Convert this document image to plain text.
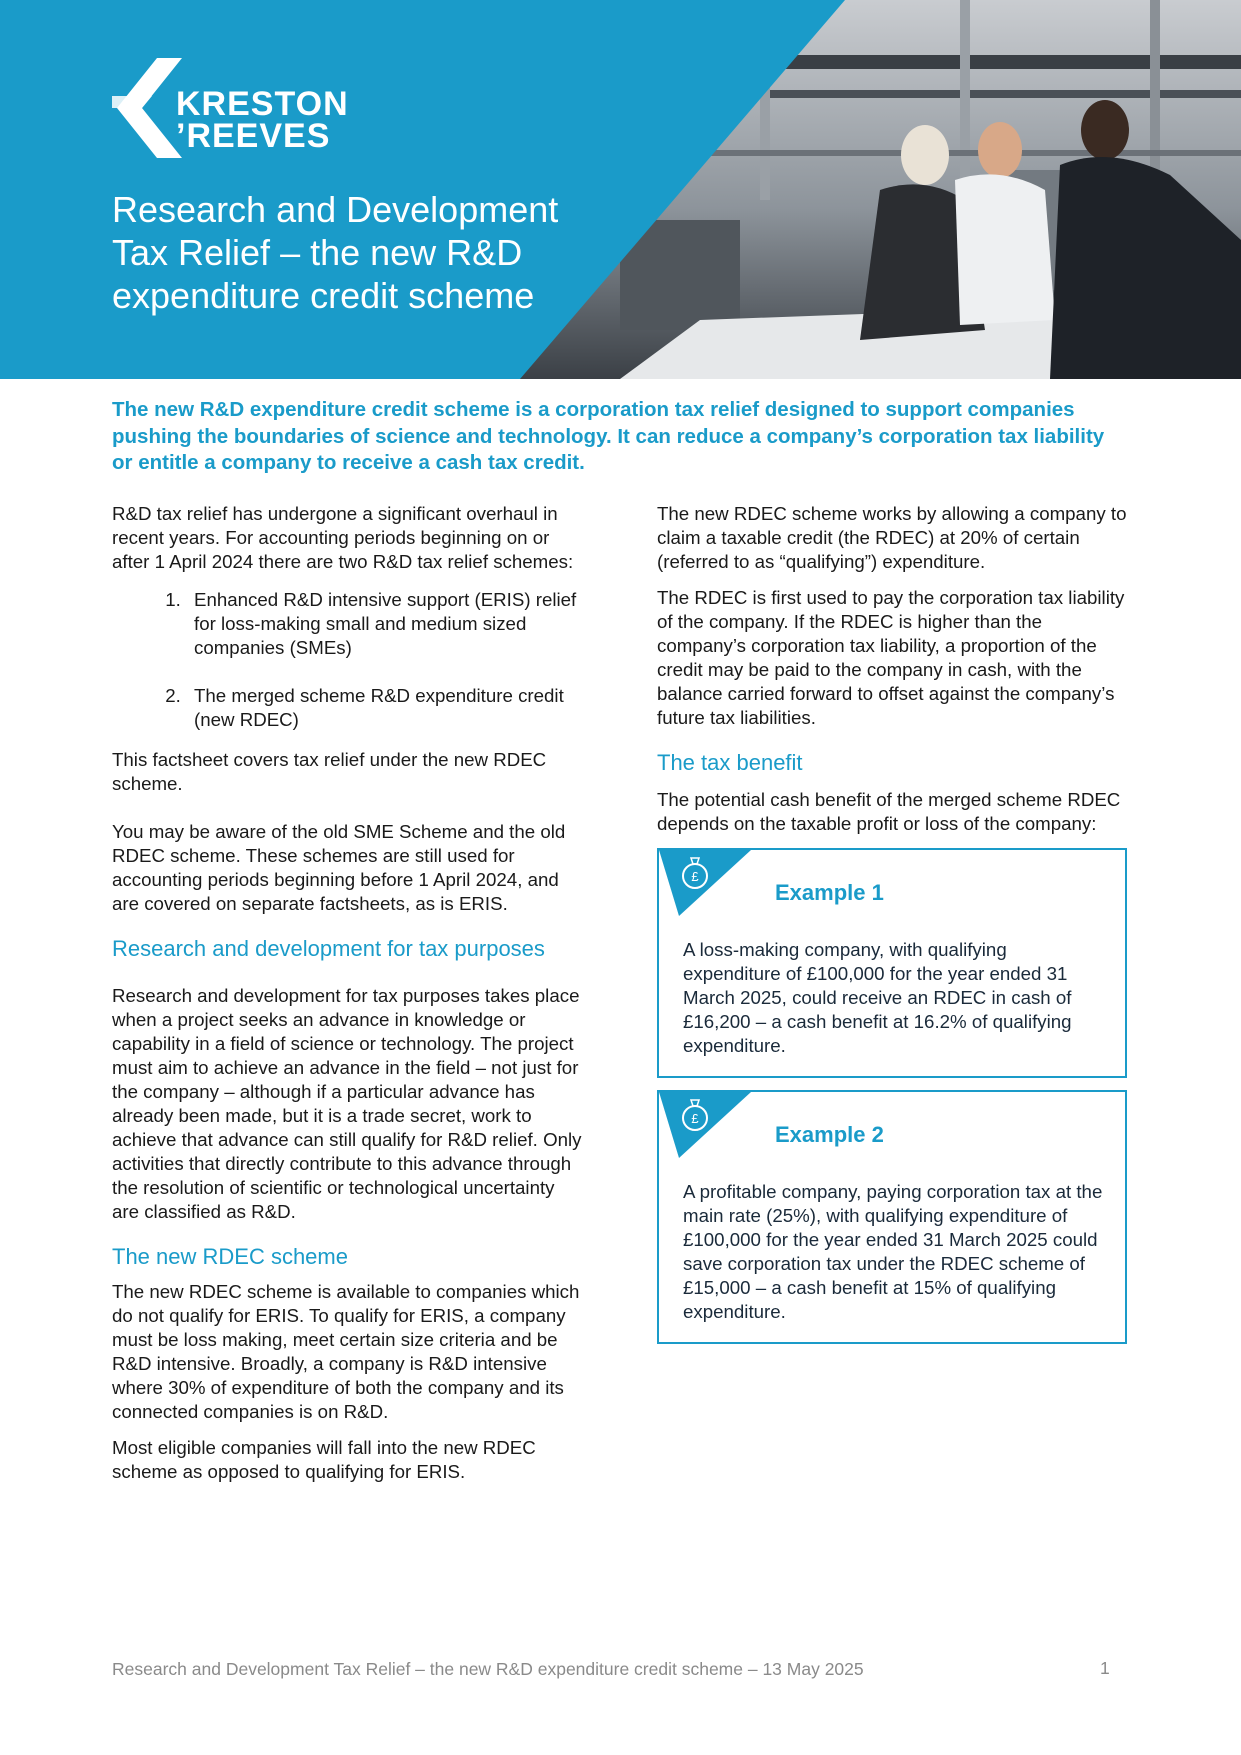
KRESTON
’REEVES
Research and Development Tax Relief – the new R&D expenditure credit scheme

The new R&D expenditure credit scheme is a corporation tax relief designed to support companies pushing the boundaries of science and technology. It can reduce a company’s corporation tax liability or entitle a company to receive a cash tax credit.

R&D tax relief has undergone a significant overhaul in recent years. For accounting periods beginning on or after 1 April 2024 there are two R&D tax relief schemes:

1. Enhanced R&D intensive support (ERIS) relief for loss-making small and medium sized companies (SMEs)
2. The merged scheme R&D expenditure credit (new RDEC)

This factsheet covers tax relief under the new RDEC scheme.

You may be aware of the old SME Scheme and the old RDEC scheme. These schemes are still used for accounting periods beginning before 1 April 2024, and are covered on separate factsheets, as is ERIS.

Research and development for tax purposes

Research and development for tax purposes takes place when a project seeks an advance in knowledge or capability in a field of science or technology. The project must aim to achieve an advance in the field – not just for the company – although if a particular advance has already been made, but it is a trade secret, work to achieve that advance can still qualify for R&D relief. Only activities that directly contribute to this advance through the resolution of scientific or technological uncertainty are classified as R&D.

The new RDEC scheme

The new RDEC scheme is available to companies which do not qualify for ERIS. To qualify for ERIS, a company must be loss making, meet certain size criteria and be R&D intensive. Broadly, a company is R&D intensive where 30% of expenditure of both the company and its connected companies is on R&D.

Most eligible companies will fall into the new RDEC scheme as opposed to qualifying for ERIS.

The new RDEC scheme works by allowing a company to claim a taxable credit (the RDEC) at 20% of certain (referred to as “qualifying”) expenditure.

The RDEC is first used to pay the corporation tax liability of the company. If the RDEC is higher than the company’s corporation tax liability, a proportion of the credit may be paid to the company in cash, with the balance carried forward to offset against the company’s future tax liabilities.

The tax benefit

The potential cash benefit of the merged scheme RDEC depends on the taxable profit or loss of the company:

£
Example 1

A loss-making company, with qualifying expenditure of £100,000 for the year ended 31 March 2025, could receive an RDEC in cash of £16,200 – a cash benefit at 16.2% of qualifying expenditure.

£
Example 2

A profitable company, paying corporation tax at the main rate (25%), with qualifying expenditure of £100,000 for the year ended 31 March 2025 could save corporation tax under the RDEC scheme of £15,000 – a cash benefit at 15% of qualifying expenditure.

Research and Development Tax Relief – the new R&D expenditure credit scheme – 13 May 2025	1
